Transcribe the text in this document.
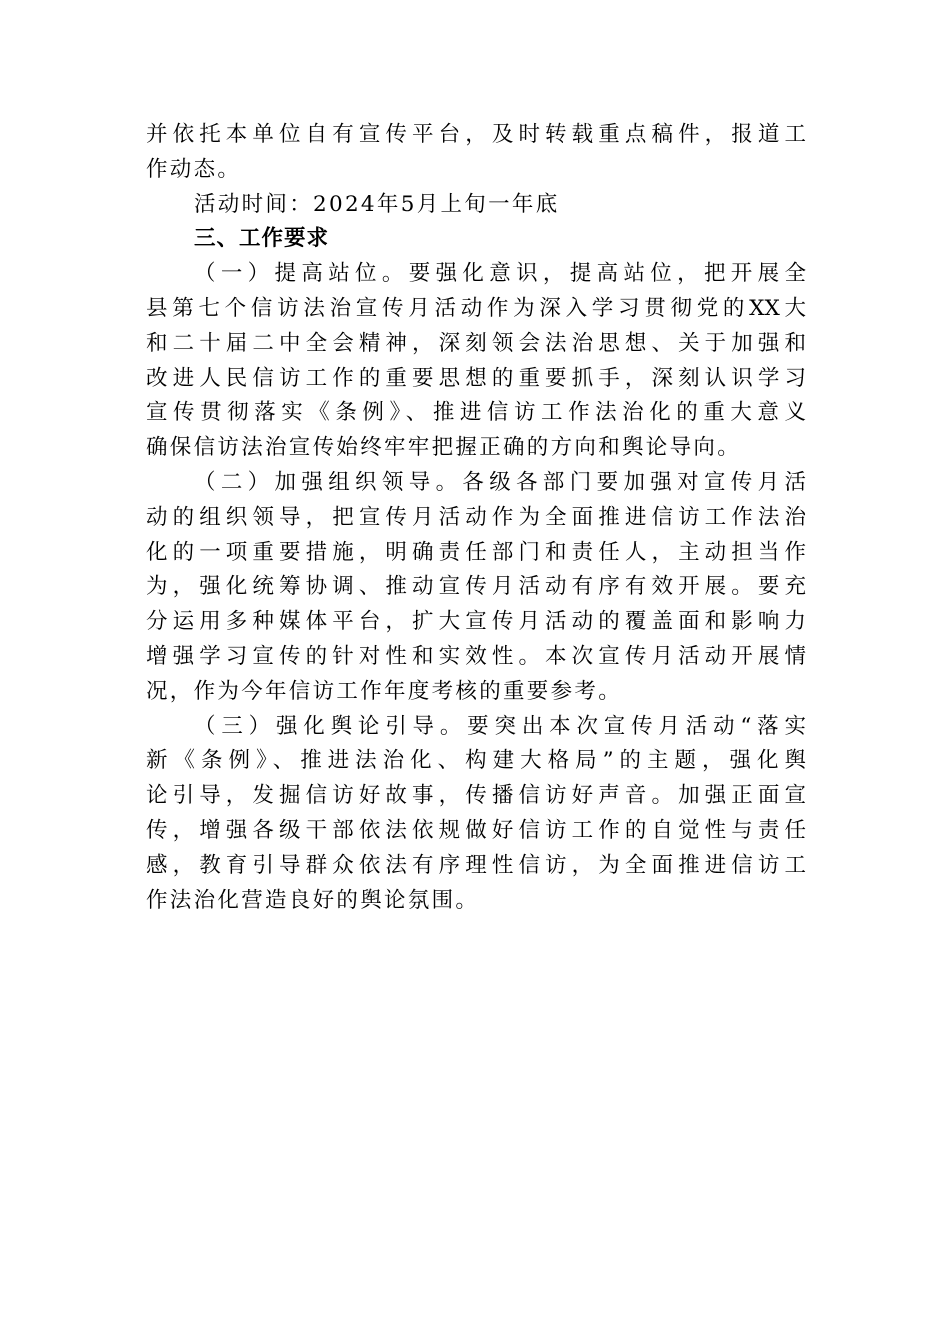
并依托本单位自有宣传平台，及时转载重点稿件，报道工
作动态。
活动时间：2024年5月上旬一年底
三、工作要求
（一）提高站位。要强化意识，提高站位，把开展全
县第七个信访法治宣传月活动作为深入学习贯彻党的XX大
和二十届二中全会精神，深刻领会法治思想、关于加强和
改进人民信访工作的重要思想的重要抓手，深刻认识学习
宣传贯彻落实《条例》、推进信访工作法治化的重大意义
确保信访法治宣传始终牢牢把握正确的方向和舆论导向。
（二）加强组织领导。各级各部门要加强对宣传月活
动的组织领导，把宣传月活动作为全面推进信访工作法治
化的一项重要措施，明确责任部门和责任人，主动担当作
为，强化统筹协调、推动宣传月活动有序有效开展。要充
分运用多种媒体平台，扩大宣传月活动的覆盖面和影响力
增强学习宣传的针对性和实效性。本次宣传月活动开展情
况，作为今年信访工作年度考核的重要参考。
（三）强化舆论引导。要突出本次宣传月活动“落实
新《条例》、推进法治化、构建大格局”的主题，强化舆
论引导，发掘信访好故事，传播信访好声音。加强正面宣
传，增强各级干部依法依规做好信访工作的自觉性与责任
感，教育引导群众依法有序理性信访，为全面推进信访工
作法治化营造良好的舆论氛围。
